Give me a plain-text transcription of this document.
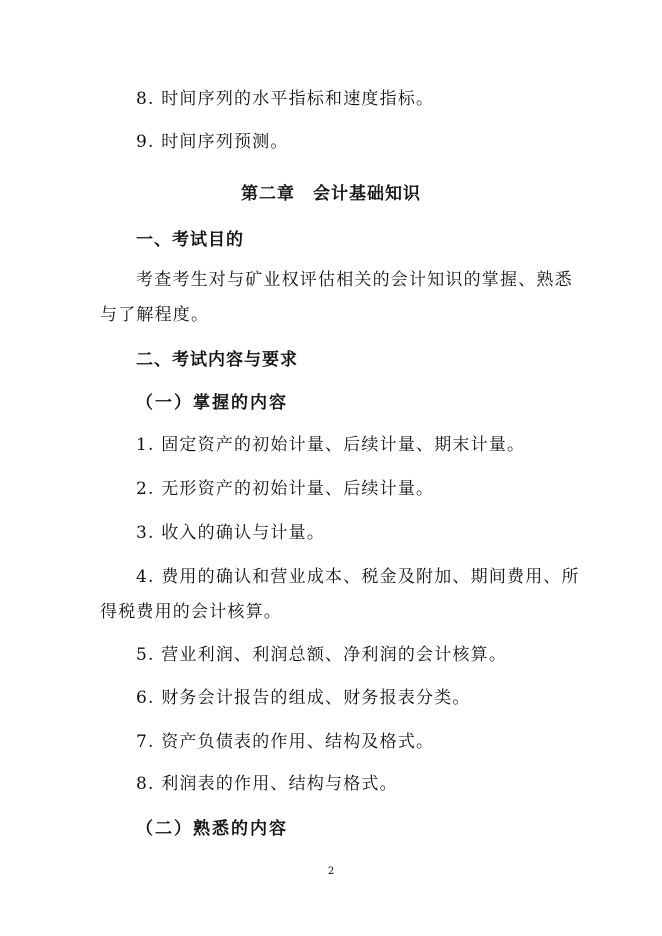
8. 时间序列的水平指标和速度指标。
9. 时间序列预测。
第二章　会计基础知识
一、考试目的
考查考生对与矿业权评估相关的会计知识的掌握、熟悉
与了解程度。
二、考试内容与要求
（一）掌握的内容
1. 固定资产的初始计量、后续计量、期末计量。
2. 无形资产的初始计量、后续计量。
3. 收入的确认与计量。
4. 费用的确认和营业成本、税金及附加、期间费用、所
得税费用的会计核算。
5. 营业利润、利润总额、净利润的会计核算。
6. 财务会计报告的组成、财务报表分类。
7. 资产负债表的作用、结构及格式。
8. 利润表的作用、结构与格式。
（二）熟悉的内容
2
